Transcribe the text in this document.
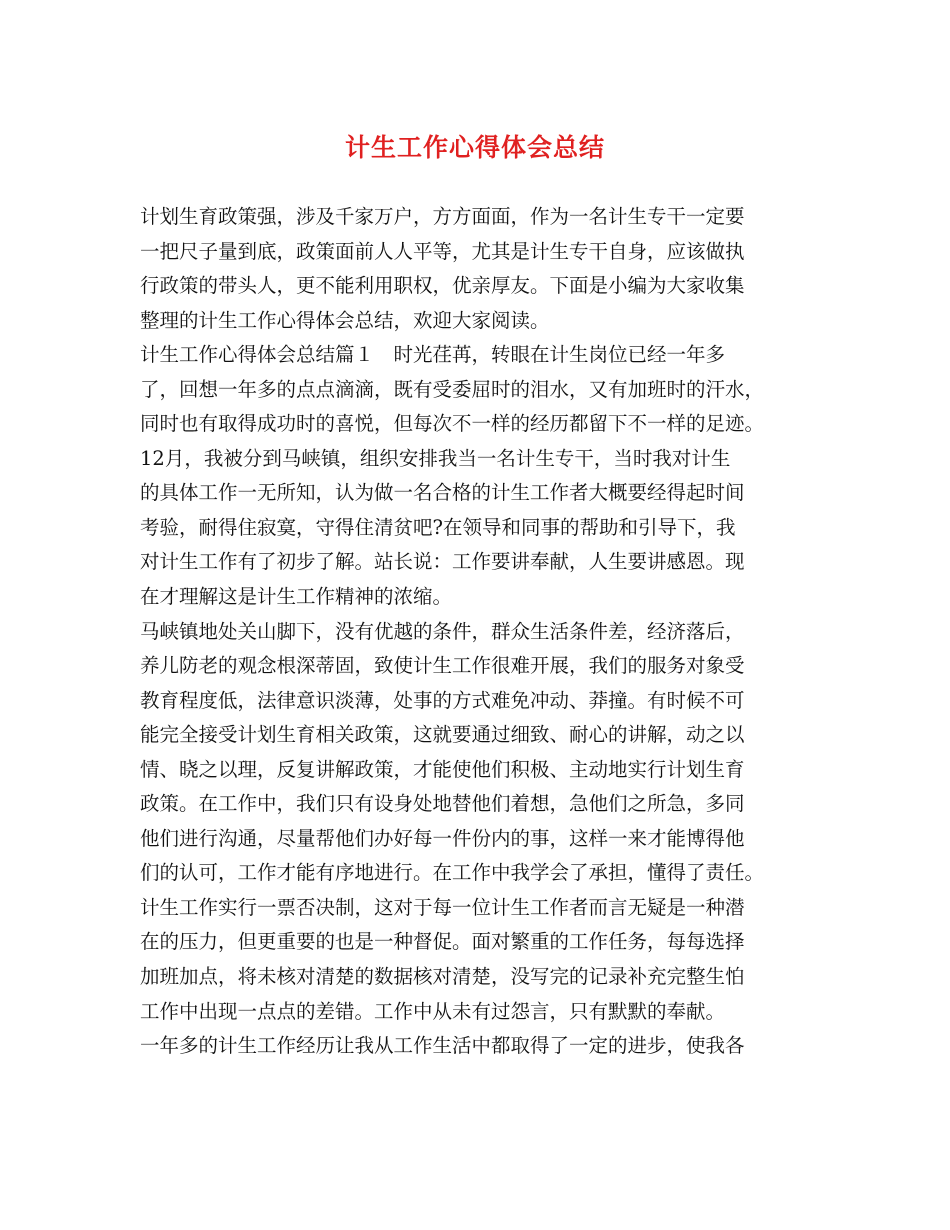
计生工作心得体会总结
计划生育政策强，涉及千家万户，方方面面，作为一名计生专干一定要
一把尺子量到底，政策面前人人平等，尤其是计生专干自身，应该做执
行政策的带头人，更不能利用职权，优亲厚友。下面是小编为大家收集
整理的计生工作心得体会总结，欢迎大家阅读。
计生工作心得体会总结篇１　时光荏苒，转眼在计生岗位已经一年多
了，回想一年多的点点滴滴，既有受委屈时的泪水，又有加班时的汗水，
同时也有取得成功时的喜悦，但每次不一样的经历都留下不一样的足迹。
12月，我被分到马峡镇，组织安排我当一名计生专干，当时我对计生
的具体工作一无所知，认为做一名合格的计生工作者大概要经得起时间
考验，耐得住寂寞，守得住清贫吧?在领导和同事的帮助和引导下，我
对计生工作有了初步了解。站长说：工作要讲奉献，人生要讲感恩。现
在才理解这是计生工作精神的浓缩。
马峡镇地处关山脚下，没有优越的条件，群众生活条件差，经济落后，
养儿防老的观念根深蒂固，致使计生工作很难开展，我们的服务对象受
教育程度低，法律意识淡薄，处事的方式难免冲动、莽撞。有时候不可
能完全接受计划生育相关政策，这就要通过细致、耐心的讲解，动之以
情、晓之以理，反复讲解政策，才能使他们积极、主动地实行计划生育
政策。在工作中，我们只有设身处地替他们着想，急他们之所急，多同
他们进行沟通，尽量帮他们办好每一件份内的事，这样一来才能博得他
们的认可，工作才能有序地进行。在工作中我学会了承担，懂得了责任。
计生工作实行一票否决制，这对于每一位计生工作者而言无疑是一种潜
在的压力，但更重要的也是一种督促。面对繁重的工作任务，每每选择
加班加点，将未核对清楚的数据核对清楚，没写完的记录补充完整生怕
工作中出现一点点的差错。工作中从未有过怨言，只有默默的奉献。
一年多的计生工作经历让我从工作生活中都取得了一定的进步，使我各
